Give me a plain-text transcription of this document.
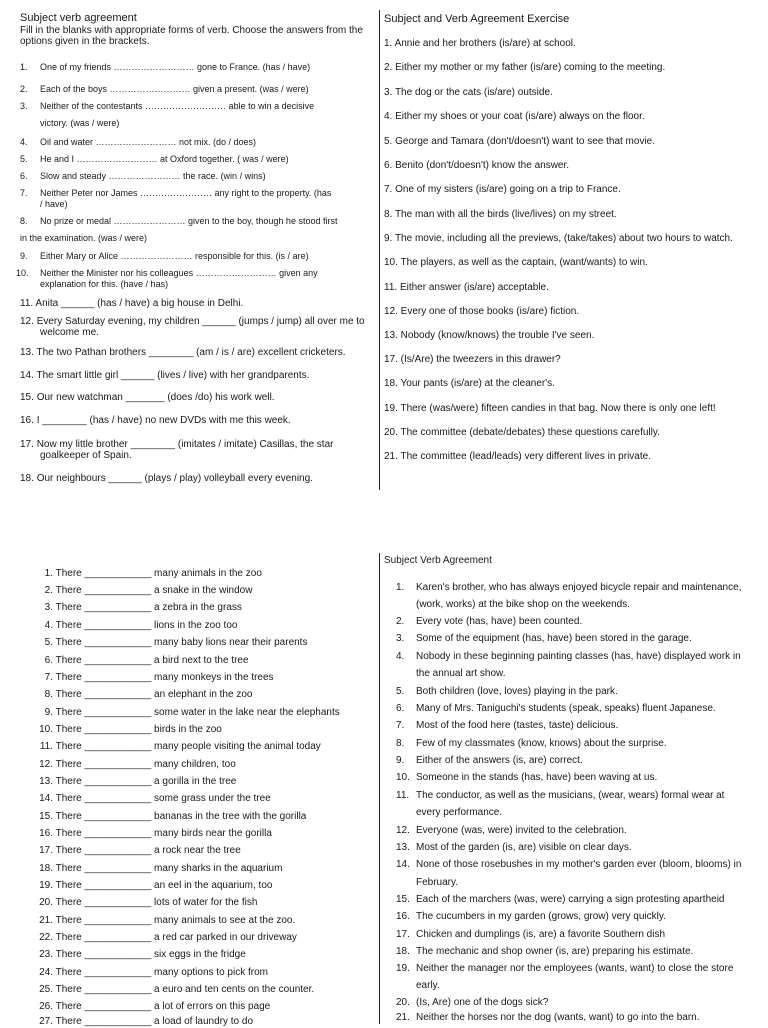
Subject verb agreement
Fill in the blanks with appropriate forms of verb. Choose the answers from the
options given in the brackets.
1. One of my friends ……………………… gone to France. (has / have)
2. Each of the boys ……………………… given a present. (was / were)
3. Neither of the contestants ……………………… able to win a decisive
victory. (was / were)
4. Oil and water ……………………… not mix. (do / does)
5. He and I ……………………… at Oxford together. ( was / were)
6. Slow and steady …………………… the race. (win / wins)
7. Neither Peter nor James …………………… any right to the property. (has
/ have)
8. No prize or medal …………………… given to the boy, though he stood first
in the examination. (was / were)
9. Either Mary or Alice …………………… responsible for this. (is / are)
10. Neither the Minister nor his colleagues ……………………… given any
explanation for this. (have / has)
11. Anita ______ (has / have) a big house in Delhi.
12. Every Saturday evening, my children ______ (jumps / jump) all over me to
welcome me.
13. The two Pathan brothers ________ (am / is / are) excellent cricketers.
14. The smart little girl ______ (lives / live) with her grandparents.
15. Our new watchman _______ (does /do) his work well.
16. I ________ (has / have) no new DVDs with me this week.
17. Now my little brother ________ (imitates / imitate) Casillas, the star
goalkeeper of Spain.
18. Our neighbours ______ (plays / play) volleyball every evening.
Subject and Verb Agreement Exercise
1. Annie and her brothers (is/are) at school.
2. Either my mother or my father (is/are) coming to the meeting.
3. The dog or the cats (is/are) outside.
4. Either my shoes or your coat (is/are) always on the floor.
5. George and Tamara (don't/doesn't) want to see that movie.
6. Benito (don't/doesn't) know the answer.
7. One of my sisters (is/are) going on a trip to France.
8. The man with all the birds (live/lives) on my street.
9. The movie, including all the previews, (take/takes) about two hours to watch.
10. The players, as well as the captain, (want/wants) to win.
11. Either answer (is/are) acceptable.
12. Every one of those books (is/are) fiction.
13. Nobody (know/knows) the trouble I've seen.
17. (Is/Are) the tweezers in this drawer?
18. Your pants (is/are) at the cleaner's.
19. There (was/were) fifteen candies in that bag. Now there is only one left!
20. The committee (debate/debates) these questions carefully.
21. The committee (lead/leads) very different lives in private.
1. There ____________ many animals in the zoo
2. There ____________ a snake in the window
3. There ____________ a zebra in the grass
4. There ____________ lions in the zoo too
5. There ____________ many baby lions near their parents
6. There ____________ a bird next to the tree
7. There ____________ many monkeys in the trees
8. There ____________ an elephant in the zoo
9. There ____________ some water in the lake near the elephants
10. There ____________ birds in the zoo
11. There ____________ many people visiting the animal today
12. There ____________ many children, too
13. There ____________ a gorilla in the tree
14. There ____________ some grass under the tree
15. There ____________ bananas in the tree with the gorilla
16. There ____________ many birds near the gorilla
17. There ____________ a rock near the tree
18. There ____________ many sharks in the aquarium
19. There ____________ an eel in the aquarium, too
20. There ____________ lots of water for the fish
21. There ____________ many animals to see at the zoo.
22. There ____________ a red car parked in our driveway
23. There ____________ six eggs in the fridge
24. There ____________ many options to pick from
25. There ____________ a euro and ten cents on the counter.
26. There ____________ a lot of errors on this page
27. There ____________ a load of laundry to do
Subject Verb Agreement
1. Karen's brother, who has always enjoyed bicycle repair and maintenance,
(work, works) at the bike shop on the weekends.
2. Every vote (has, have) been counted.
3. Some of the equipment (has, have) been stored in the garage.
4. Nobody in these beginning painting classes (has, have) displayed work in
the annual art show.
5. Both children (love, loves) playing in the park.
6. Many of Mrs. Taniguchi's students (speak, speaks) fluent Japanese.
7. Most of the food here (tastes, taste) delicious.
8. Few of my classmates (know, knows) about the surprise.
9. Either of the answers (is, are) correct.
10. Someone in the stands (has, have) been waving at us.
11. The conductor, as well as the musicians, (wear, wears) formal wear at
every performance.
12. Everyone (was, were) invited to the celebration.
13. Most of the garden (is, are) visible on clear days.
14. None of those rosebushes in my mother's garden ever (bloom, blooms) in
February.
15. Each of the marchers (was, were) carrying a sign protesting apartheid
16. The cucumbers in my garden (grows, grow) very quickly.
17. Chicken and dumplings (is, are) a favorite Southern dish
18. The mechanic and shop owner (is, are) preparing his estimate.
19. Neither the manager nor the employees (wants, want) to close the store
early.
20. (Is, Are) one of the dogs sick?
21. Neither the horses nor the dog (wants, want) to go into the barn.
